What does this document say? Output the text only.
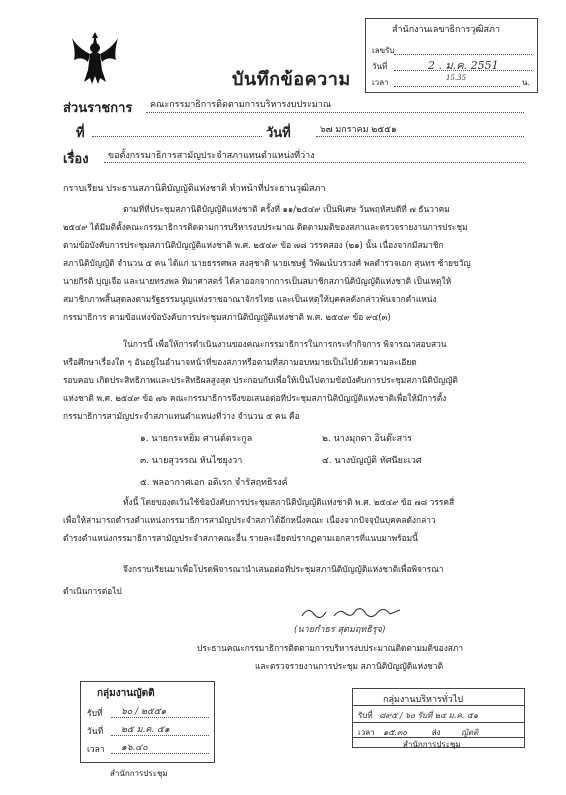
บันทึกข้อความ
สำนักงานเลขาธิการวุฒิสภา
เลขรับ
วันที่	2 . ม.ค. 2551
เวลา	15.35	น.
ส่วนราชการ คณะกรรมาธิการติดตามการบริหารงบประมาณ
ที่	วันที่	๖๗ มกราคม ๒๕๕๑
เรื่อง ขอตั้งกรรมาธิการสามัญประจำสภาแทนตำแหน่งที่ว่าง
กราบเรียน ประธานสภานิติบัญญัติแห่งชาติ ทำหน้าที่ประธานวุฒิสภา
ตามที่ที่ประชุมสภานิติบัญญัติแห่งชาติ ครั้งที่ ๑๑/๒๕๔๙ เป็นพิเศษ วันพฤหัสบดีที่ ๗ ธันวาคม
๒๕๔๙ ได้มีมติตั้งคณะกรรมาธิการติดตามการบริหารงบประมาณ ติดตามมติของสภาและตรวจรายงานการประชุม
ตามข้อบังคับการประชุมสภานิติบัญญัติแห่งชาติ พ.ศ. ๒๕๔๙ ข้อ ๗๘ วรรคสอง (๒๑) นั้น เนื่องจากมีสมาชิก
สภานิติบัญญัติ จำนวน ๕ คน ได้แก่ นายธรรศพล สงสุชาติ นายเชษฐ์ วิพัฒน์บวรวงศ์ พลตำรวจเอก สุนทร ซ้ายขวัญ
นายกีรติ บุญเจือ และนายทรงพล ทิมาศาสตร์ ได้ลาออกจากการเป็นสมาชิกสภานิติบัญญัติแห่งชาติ เป็นเหตุให้
สมาชิกภาพสิ้นสุดลงตามรัฐธรรมนูญแห่งราชอาณาจักรไทย และเป็นเหตุให้บุคคลดังกล่าวพ้นจากตำแหน่ง
กรรมาธิการ ตามข้อแห่งข้อบังคับการประชุมสภานิติบัญญัติแห่งชาติ พ.ศ. ๒๕๔๙ ข้อ ๙๔(๓)
ในการนี้ เพื่อให้การดำเนินงานของคณะกรรมาธิการในการกระทำกิจการ พิจารณาสอบสวน
หรือศึกษาเรื่องใด ๆ อันอยู่ในอำนาจหน้าที่ของสภาหรือตามที่สภามอบหมายเป็นไปด้วยความละเอียด
รอบคอบ เกิดประสิทธิภาพและประสิทธิผลสูงสุด ประกอบกับเพื่อให้เป็นไปตามข้อบังคับการประชุมสภานิติบัญญัติ
แห่งชาติ พ.ศ. ๒๕๔๙ ข้อ ๗๖ คณะกรรมาธิการจึงขอเสนอต่อที่ประชุมสภานิติบัญญัติแห่งชาติเพื่อให้มีการตั้ง
กรรมาธิการสามัญประจำสภาแทนตำแหน่งที่ว่าง จำนวน ๕ คน คือ
๑. นายกระหยิ่ม ศานต์ตระกูล	๒. นางมุกดา อินต๊ะสาร
๓. นายสุวรรณ หันไชยุงวา	๔. นางบัญญัติ ทัศนียะเวศ
๕. พลอากาศเอก อดิเรก จำรัสฤทธิรงค์
ทั้งนี้ โดยของดเว้นใช้ข้อบังคับการประชุมสภานิติบัญญัติแห่งชาติ พ.ศ. ๒๕๔๙ ข้อ ๗๘ วรรคสี่
เพื่อให้สามารถดำรงตำแหน่งกรรมาธิการสามัญประจำสภาได้อีกหนึ่งคณะ เนื่องจากปัจจุบันบุคคลดังกล่าว
ดำรงตำแหน่งกรรมาธิการสามัญประจำสภาคณะอื่น รายละเอียดปรากฏตามเอกสารที่แนบมาพร้อมนี้
จึงกราบเรียนมาเพื่อโปรดพิจารณานำเสนอต่อที่ประชุมสภานิติบัญญัติแห่งชาติเพื่อพิจารณา
ดำเนินการต่อไป
(นายกำธร สุดมฤทธิรุจ)
ประธานคณะกรรมาธิการติดตามการบริหารงบประมาณติดตามมติของสภา
และตรวจรายงานการประชุม สภานิติบัญญัติแห่งชาติ
กลุ่มงานญัตติ
รับที่ ๖๐ / ๒๕๕๑
วันที่ ๒๕ ม.ค. ๕๑
เวลา ๑๖.๔๐
สำนักการประชุม
กลุ่มงานบริหารทั่วไป
รับที่ ๘๙๕ / ๖๐ รับที่ ๒๔ ม.ค. ๕๑
เวลา ๑๕.๓๐	ส่ง	ญัตติ
สำนักการประชุม
